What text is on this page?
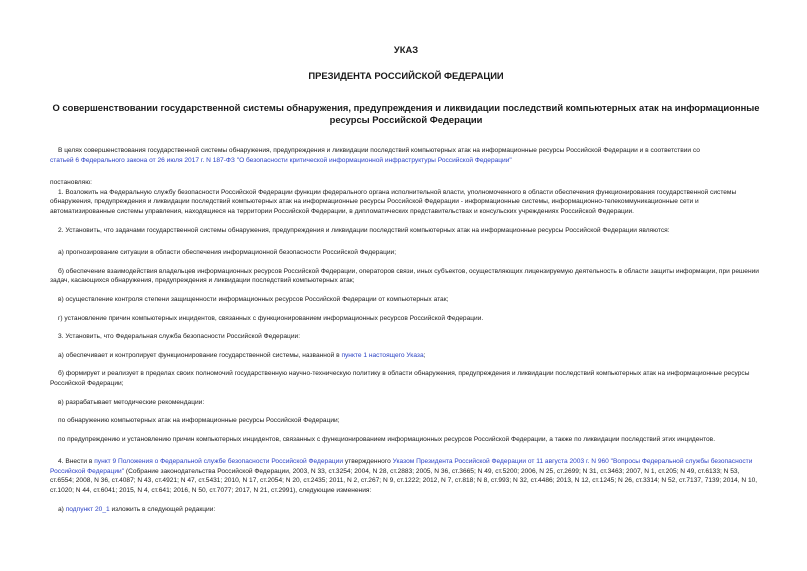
УКАЗ
ПРЕЗИДЕНТА РОССИЙСКОЙ ФЕДЕРАЦИИ
О совершенствовании государственной системы обнаружения, предупреждения и ликвидации последствий компьютерных атак на информационные ресурсы Российской Федерации

В целях совершенствования государственной системы обнаружения, предупреждения и ликвидации последствий компьютерных атак на информационные ресурсы Российской Федерации и в соответствии со
статьей 6 Федерального закона от 26 июля 2017 г. N 187-ФЗ "О безопасности критической информационной инфраструктуры Российской Федерации"

постановляю:

1. Возложить на Федеральную службу безопасности Российской Федерации функции федерального органа исполнительной власти, уполномоченного в области обеспечения функционирования государственной системы обнаружения, предупреждения и ликвидации последствий компьютерных атак на информационные ресурсы Российской Федерации - информационные системы, информационно-телекоммуникационные сети и автоматизированные системы управления, находящиеся на территории Российской Федерации, в дипломатических представительствах и консульских учреждениях Российской Федерации.

2. Установить, что задачами государственной системы обнаружения, предупреждения и ликвидации последствий компьютерных атак на информационные ресурсы Российской Федерации являются:

а) прогнозирование ситуации в области обеспечения информационной безопасности Российской Федерации;

б) обеспечение взаимодействия владельцев информационных ресурсов Российской Федерации, операторов связи, иных субъектов, осуществляющих лицензируемую деятельность в области защиты информации, при решении задач, касающихся обнаружения, предупреждения и ликвидации последствий компьютерных атак;

в) осуществление контроля степени защищенности информационных ресурсов Российской Федерации от компьютерных атак;

г) установление причин компьютерных инцидентов, связанных с функционированием информационных ресурсов Российской Федерации.

3. Установить, что Федеральная служба безопасности Российской Федерации:

а) обеспечивает и контролирует функционирование государственной системы, названной в пункте 1 настоящего Указа;

б) формирует и реализует в пределах своих полномочий государственную научно-техническую политику в области обнаружения, предупреждения и ликвидации последствий компьютерных атак на информационные ресурсы Российской Федерации;

в) разрабатывает методические рекомендации:

по обнаружению компьютерных атак на информационные ресурсы Российской Федерации;

по предупреждению и установлению причин компьютерных инцидентов, связанных с функционированием информационных ресурсов Российской Федерации, а также по ликвидации последствий этих инцидентов.

4. Внести в пункт 9 Положения о Федеральной службе безопасности Российской Федерации утвержденного Указом Президента Российской Федерации от 11 августа 2003 г. N 960 "Вопросы Федеральной службы безопасности Российской Федерации" (Собрание законодательства Российской Федерации, 2003, N 33, ст.3254; 2004, N 28, ст.2883; 2005, N 36, ст.3665; N 49, ст.5200; 2006, N 25, ст.2699; N 31, ст.3463; 2007, N 1, ст.205; N 49, ст.6133; N 53, ст.6554; 2008, N 36, ст.4087; N 43, ст.4921; N 47, ст.5431; 2010, N 17, ст.2054; N 20, ст.2435; 2011, N 2, ст.267; N 9, ст.1222; 2012, N 7, ст.818; N 8, ст.993; N 32, ст.4486; 2013, N 12, ст.1245; N 26, ст.3314; N 52, ст.7137, 7139; 2014, N 10, ст.1020; N 44, ст.6041; 2015, N 4, ст.641; 2016, N 50, ст.7077; 2017, N 21, ст.2991), следующие изменения:

а) подпункт 20_1 изложить в следующей редакции:
